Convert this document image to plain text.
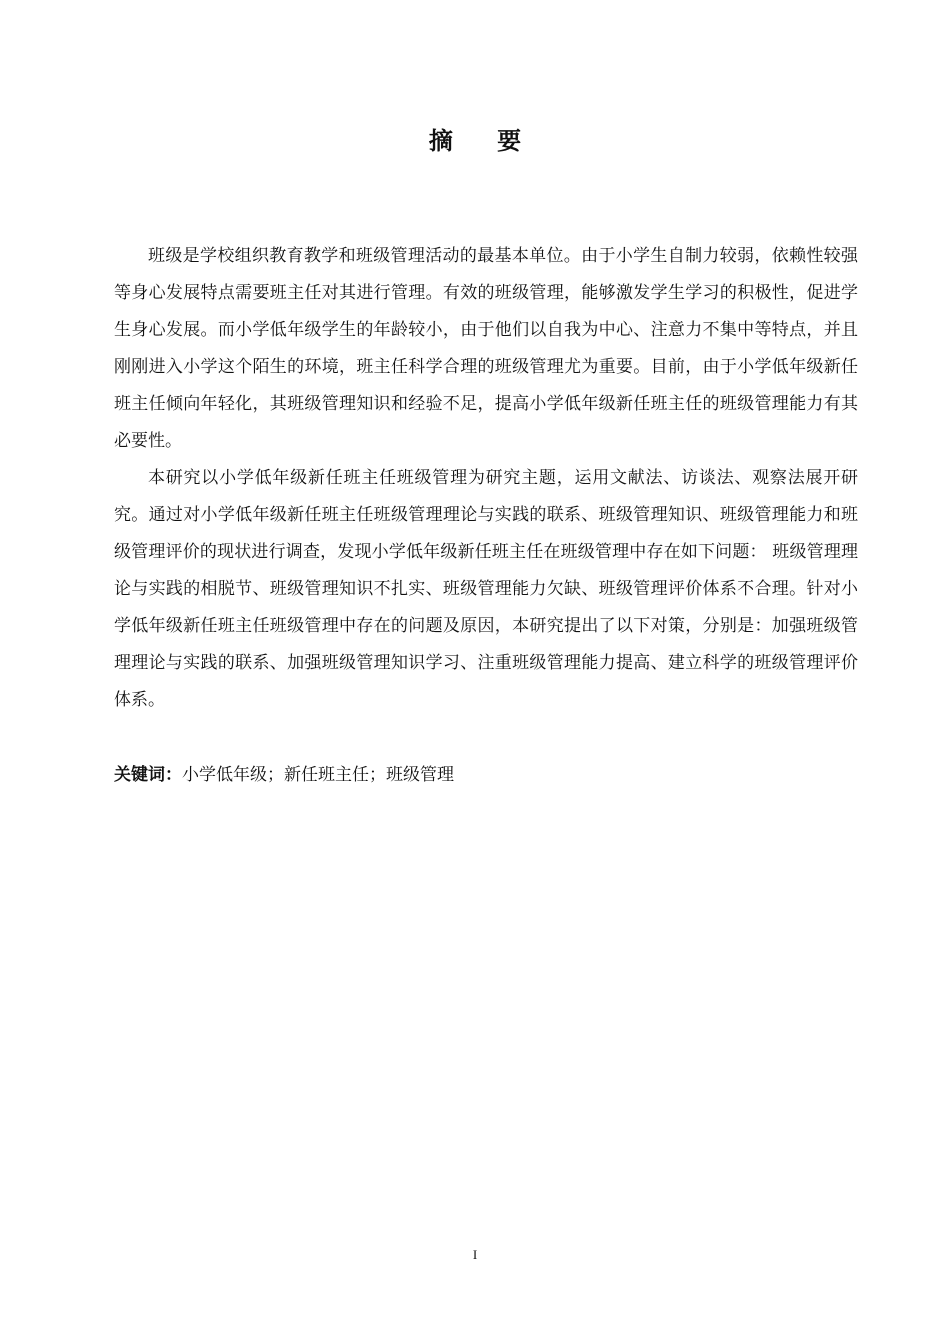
摘 要

班级是学校组织教育教学和班级管理活动的最基本单位。由于小学生自制力较弱，依赖性较强等身心发展特点需要班主任对其进行管理。有效的班级管理，能够激发学生学习的积极性，促进学生身心发展。而小学低年级学生的年龄较小，由于他们以自我为中心、注意力不集中等特点，并且刚刚进入小学这个陌生的环境，班主任科学合理的班级管理尤为重要。目前，由于小学低年级新任班主任倾向年轻化，其班级管理知识和经验不足，提高小学低年级新任班主任的班级管理能力有其必要性。

本研究以小学低年级新任班主任班级管理为研究主题，运用文献法、访谈法、观察法展开研究。通过对小学低年级新任班主任班级管理理论与实践的联系、班级管理知识、班级管理能力和班级管理评价的现状进行调查，发现小学低年级新任班主任在班级管理中存在如下问题： 班级管理理论与实践的相脱节、班级管理知识不扎实、班级管理能力欠缺、班级管理评价体系不合理。针对小学低年级新任班主任班级管理中存在的问题及原因，本研究提出了以下对策，分别是：加强班级管理理论与实践的联系、加强班级管理知识学习、注重班级管理能力提高、建立科学的班级管理评价体系。

关键词：小学低年级；新任班主任；班级管理
I
